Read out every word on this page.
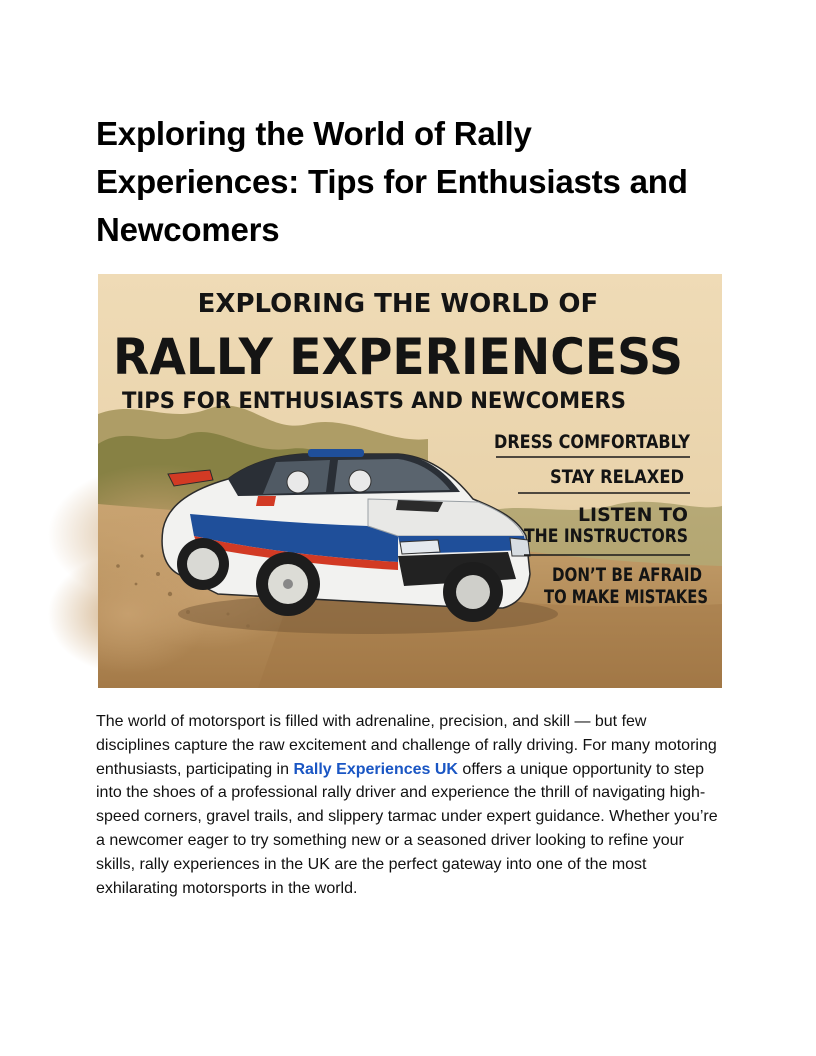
Exploring the World of Rally Experiences: Tips for Enthusiasts and Newcomers
EXPLORING THE WORLD OF
RALLY EXPERIENCESS
TIPS FOR ENTHUSIASTS AND NEWCOMERS
DRESS COMFORTABLY
STAY RELAXED
LISTEN TO
THE INSTRUCTORS
DON’T BE AFRAID
TO MAKE MISTAKES

The world of motorsport is filled with adrenaline, precision, and skill — but few disciplines capture the raw excitement and challenge of rally driving. For many motoring enthusiasts, participating in Rally Experiences UK offers a unique opportunity to step into the shoes of a professional rally driver and experience the thrill of navigating high-speed corners, gravel trails, and slippery tarmac under expert guidance. Whether you’re a newcomer eager to try something new or a seasoned driver looking to refine your skills, rally experiences in the UK are the perfect gateway into one of the most exhilarating motorsports in the world.
